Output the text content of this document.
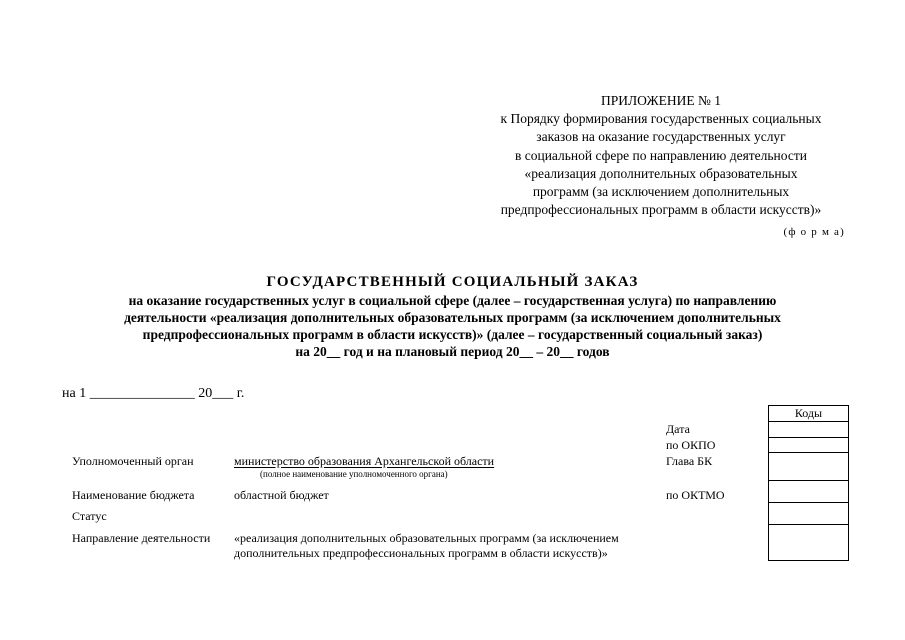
ПРИЛОЖЕНИЕ № 1
к Порядку формирования государственных социальных
заказов на оказание государственных услуг
в социальной сфере по направлению деятельности
«реализация дополнительных образовательных
программ (за исключением дополнительных
предпрофессиональных программ в области искусств)»
(ф о р м а)
ГОСУДАРСТВЕННЫЙ СОЦИАЛЬНЫЙ ЗАКАЗ
на оказание государственных услуг в социальной сфере (далее – государственная услуга) по направлению
деятельности «реализация дополнительных образовательных программ (за исключением дополнительных
предпрофессиональных программ в области искусств)» (далее – государственный социальный заказ)
на 20__ год и на плановый период 20__ – 20__ годов
на 1 _______________ 20___ г.
Уполномоченный орган
Наименование бюджета
Статус
Направление деятельности
министерство образования Архангельской области
(полное наименование уполномоченного органа)
областной бюджет
«реализация дополнительных образовательных программ (за исключением
дополнительных предпрофессиональных программ в области искусств)»
Дата
по ОКПО
Глава БК
по ОКТМО
Коды
